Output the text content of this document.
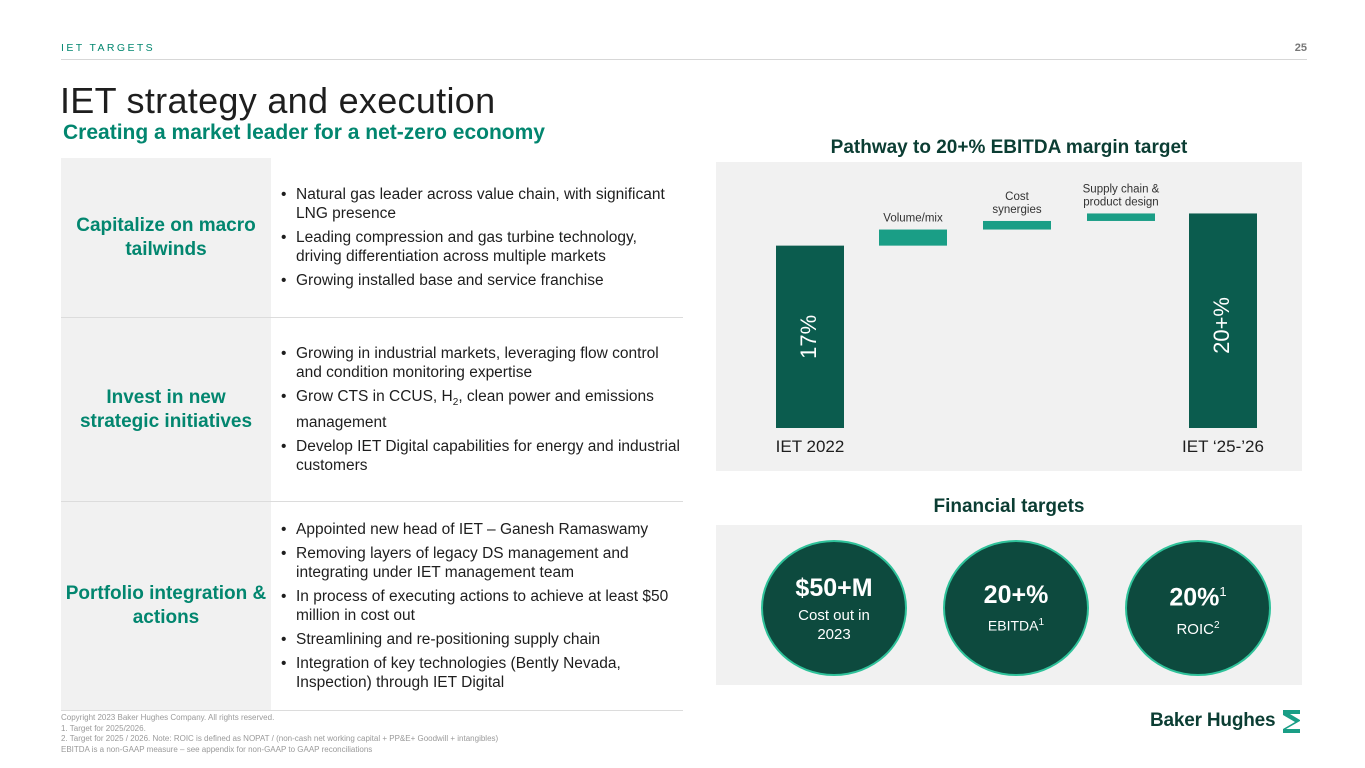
IET TARGETS	25
IET strategy and execution
Creating a market leader for a net-zero economy
Capitalize on macro tailwinds
• Natural gas leader across value chain, with significant LNG presence
• Leading compression and gas turbine technology, driving differentiation across multiple markets
• Growing installed base and service franchise
Invest in new strategic initiatives
• Growing in industrial markets, leveraging flow control and condition monitoring expertise
• Grow CTS in CCUS, $H_2$, clean power and emissions management
• Develop IET Digital capabilities for energy and industrial customers
Portfolio integration & actions
• Appointed new head of IET – Ganesh Ramaswamy
• Removing layers of legacy DS management and integrating under IET management team
• In process of executing actions to achieve at least $50 million in cost out
• Streamlining and re-positioning supply chain
• Integration of key technologies (Bently Nevada, Inspection) through IET Digital
Pathway to 20+% EBITDA margin target
17%
IET 2022
Volume/mix
Cost
synergies
Supply chain &
product design
20+%
IET ‘25-’26
Financial targets
$50+M
Cost out in 2023
20+%
EBITDA$^1$
20%$^1$
ROIC$^2$
Copyright 2023 Baker Hughes Company. All rights reserved.
1. Target for 2025/2026.
2. Target for 2025 / 2026. Note: ROIC is defined as NOPAT / (non-cash net working capital + PP&E+ Goodwill + intangibles)
EBITDA is a non-GAAP measure – see appendix for non-GAAP to GAAP reconciliations
Baker Hughes
